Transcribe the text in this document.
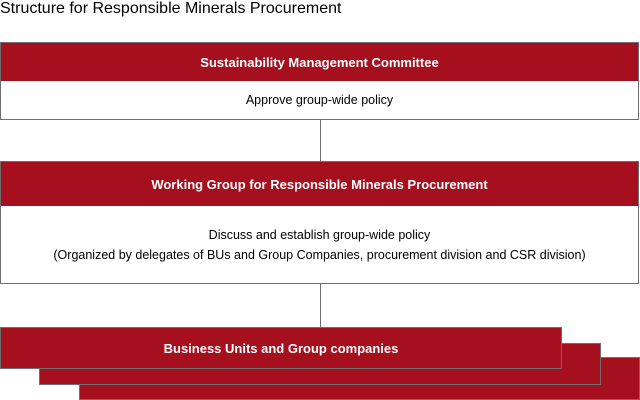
Structure for Responsible Minerals Procurement
Sustainability Management Committee
Approve group-wide policy
Working Group for Responsible Minerals Procurement
Discuss and establish group-wide policy
(Organized by delegates of BUs and Group Companies, procurement division and CSR division)
Business Units and Group companies
